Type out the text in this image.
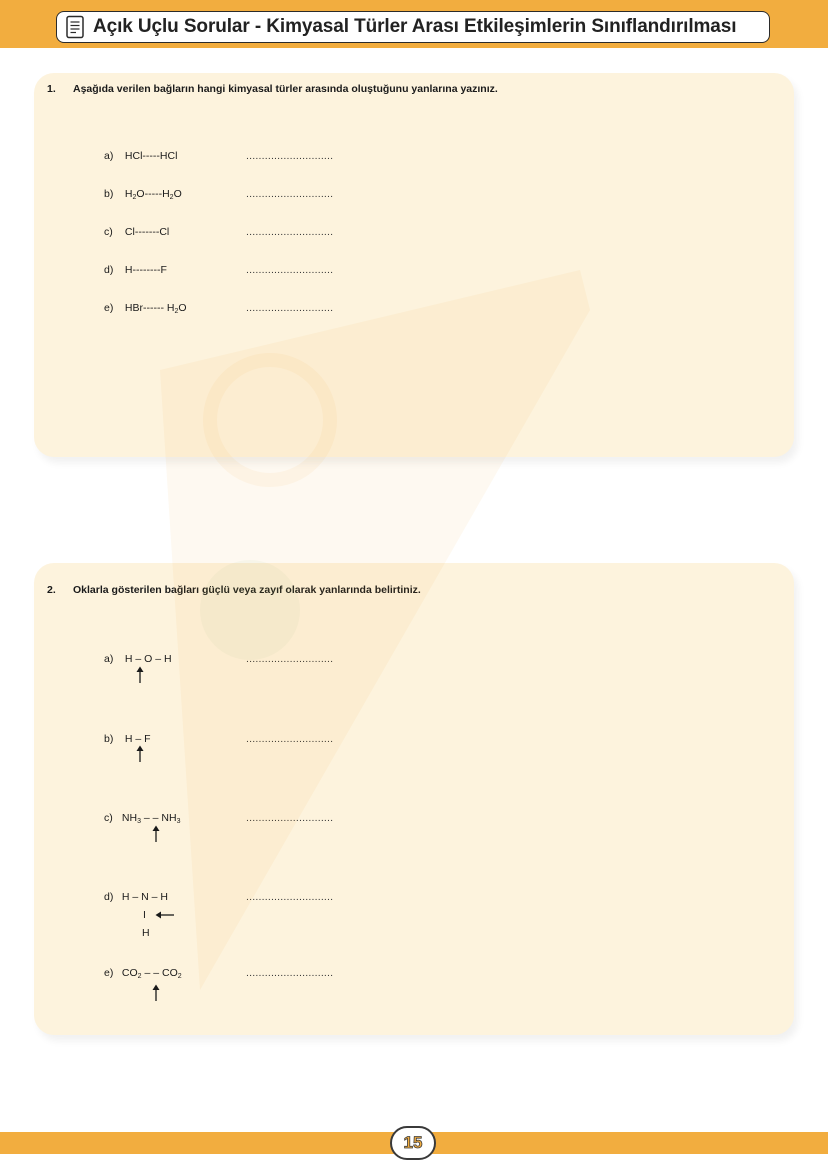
Açık Uçlu Sorular - Kimyasal Türler Arası Etkileşimlerin Sınıflandırılması
1. Aşağıda verilen bağların hangi kimyasal türler arasında oluştuğunu yanlarına yazınız.
a) HCl-----HCl	............................
b) $H_2O-----H_2O$	............................
c) Cl-------Cl	............................
d) H--------F	............................
e) HBr------ $H_2O$	............................
2. Oklarla gösterilen bağları güçlü veya zayıf olarak yanlarında belirtiniz.
a) H – O – H	............................
b) H – F	............................
c) $NH_3$ – – $NH_3$	............................
d) H – N – H	............................
I
H
e) $CO_2$ – – $CO_2$	............................
15
